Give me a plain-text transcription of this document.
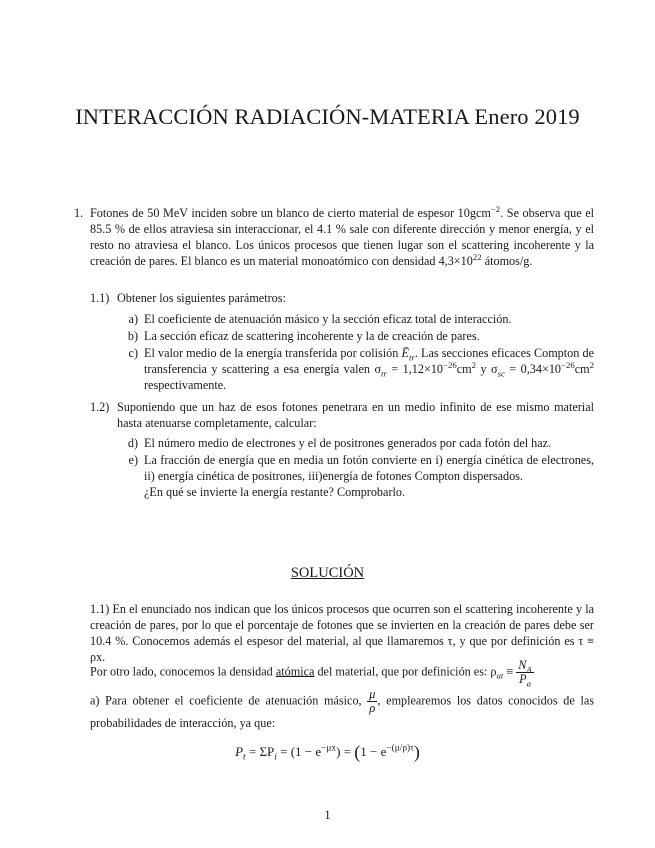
INTERACCIÓN RADIACIÓN-MATERIA Enero 2019
1. Fotones de 50 MeV inciden sobre un blanco de cierto material de espesor 10gcm$^{-2}$. Se observa que el 85.5 % de ellos atraviesa sin interaccionar, el 4.1 % sale con diferente dirección y menor energía, y el resto no atraviesa el blanco. Los únicos procesos que tienen lugar son el scattering incoherente y la creación de pares. El blanco es un material monoatómico con densidad $4,3\times 10^{22}$ átomos/g.
1.1) Obtener los siguientes parámetros:
a) El coeficiente de atenuación másico y la sección eficaz total de interacción.
b) La sección eficaz de scattering incoherente y la de creación de pares.
c) El valor medio de la energía transferida por colisión $Ē_{tr}$. Las secciones eficaces Compton de transferencia y scattering a esa energía valen $\sigma_{tr} = 1,12\times 10^{-26}cm^2$ y $\sigma_{sc} = 0,34\times 10^{-26}cm^2$ respectivamente.
1.2) Suponiendo que un haz de esos fotones penetrara en un medio infinito de ese mismo material hasta atenuarse completamente, calcular:
d) El número medio de electrones y el de positrones generados por cada fotón del haz.
e) La fracción de energía que en media un fotón convierte en i) energía cinética de electrones, ii) energía cinética de positrones, iii)energía de fotones Compton dispersados.
¿En qué se invierte la energía restante? Comprobarlo.
SOLUCIÓN
1.1) En el enunciado nos indican que los únicos procesos que ocurren son el scattering incoherente y la creación de pares, por lo que el porcentaje de fotones que se invierten en la creación de pares debe ser 10.4 %. Conocemos además el espesor del material, al que llamaremos τ, y que por definición es τ ≡ ρx.
Por otro lado, conocemos la densidad atómica del material, que por definición es: $\rho_{at} \equiv \frac{N_A}{P_a}$
a) Para obtener el coeficiente de atenuación másico, $\frac{\mu}{\rho}$ , emplearemos los datos conocidos de las probabilidades de interacción, ya que:
$P_t = \Sigma P_i = (1 - e^{-\mu x}) = (1 - e^{-(\mu/\rho)\tau})$
1
